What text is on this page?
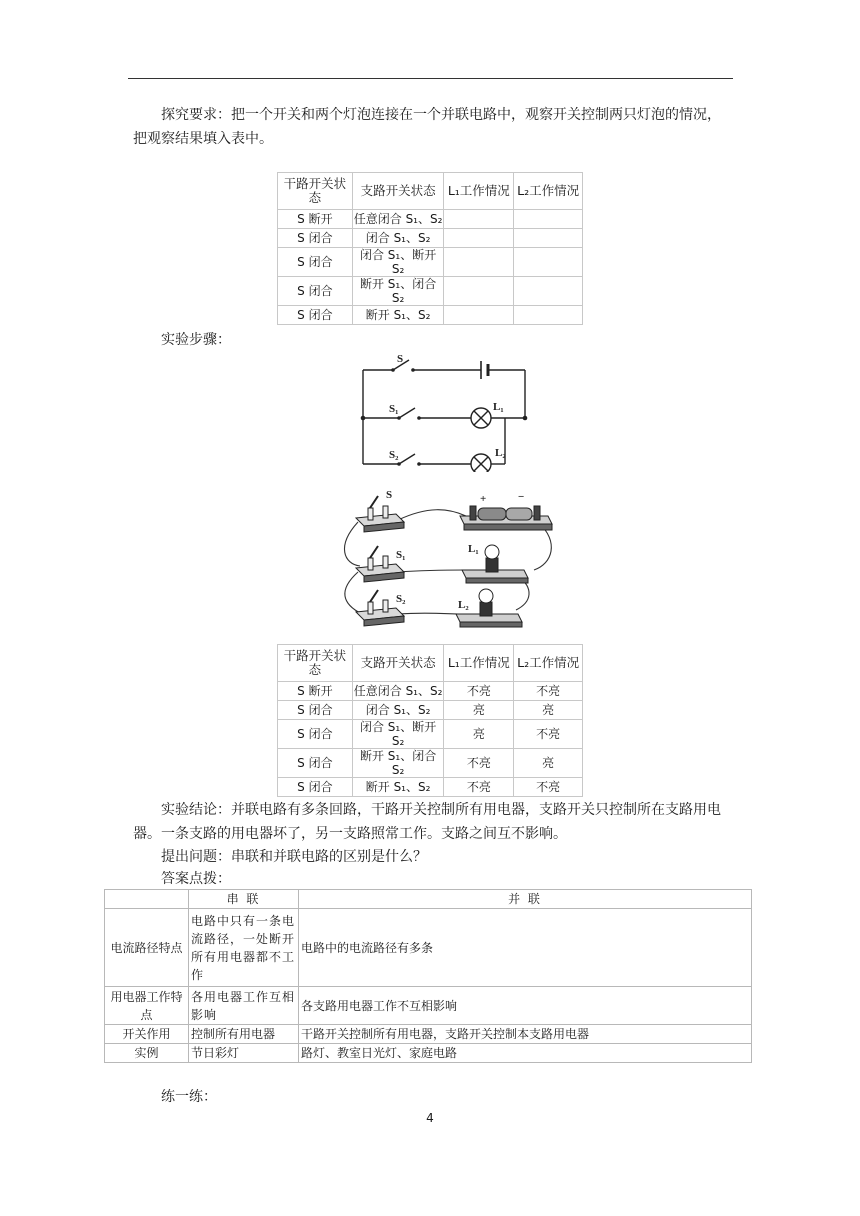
探究要求：把一个开关和两个灯泡连接在一个并联电路中，观察开关控制两只灯泡的情况，把观察结果填入表中。

干路开关状态	支路开关状态	L₁工作情况	L₂工作情况
S 断开	任意闭合 S₁、S₂		
S 闭合	闭合 S₁、S₂		
S 闭合	闭合 S₁、断开 S₂		
S 闭合	断开 S₁、闭合 S₂		
S 闭合	断开 S₁、S₂		

实验步骤：

S
S₁	L₁
S₂	L₂
S
S₁
S₂
L₁
L₂
+	−
干路开关状态	支路开关状态	L₁工作情况	L₂工作情况
S 断开	任意闭合 S₁、S₂	不亮	不亮
S 闭合	闭合 S₁、S₂	亮	亮
S 闭合	闭合 S₁、断开 S₂	亮	不亮
S 闭合	断开 S₁、闭合 S₂	不亮	亮
S 闭合	断开 S₁、S₂	不亮	不亮

实验结论：并联电路有多条回路，干路开关控制所有用电器，支路开关只控制所在支路用电器。一条支路的用电器坏了，另一支路照常工作。支路之间互不影响。

提出问题：串联和并联电路的区别是什么？

答案点拨：

	串 联	并 联
电流路径特点	电路中只有一条电流路径，一处断开所有用电器都不工作	电路中的电流路径有多条
用电器工作特点	各用电器工作互相影响	各支路用电器工作不互相影响
开关作用	控制所有用电器	干路开关控制所有用电器，支路开关控制本支路用电器
实例	节日彩灯	路灯、教室日光灯、家庭电路

练一练：

4
